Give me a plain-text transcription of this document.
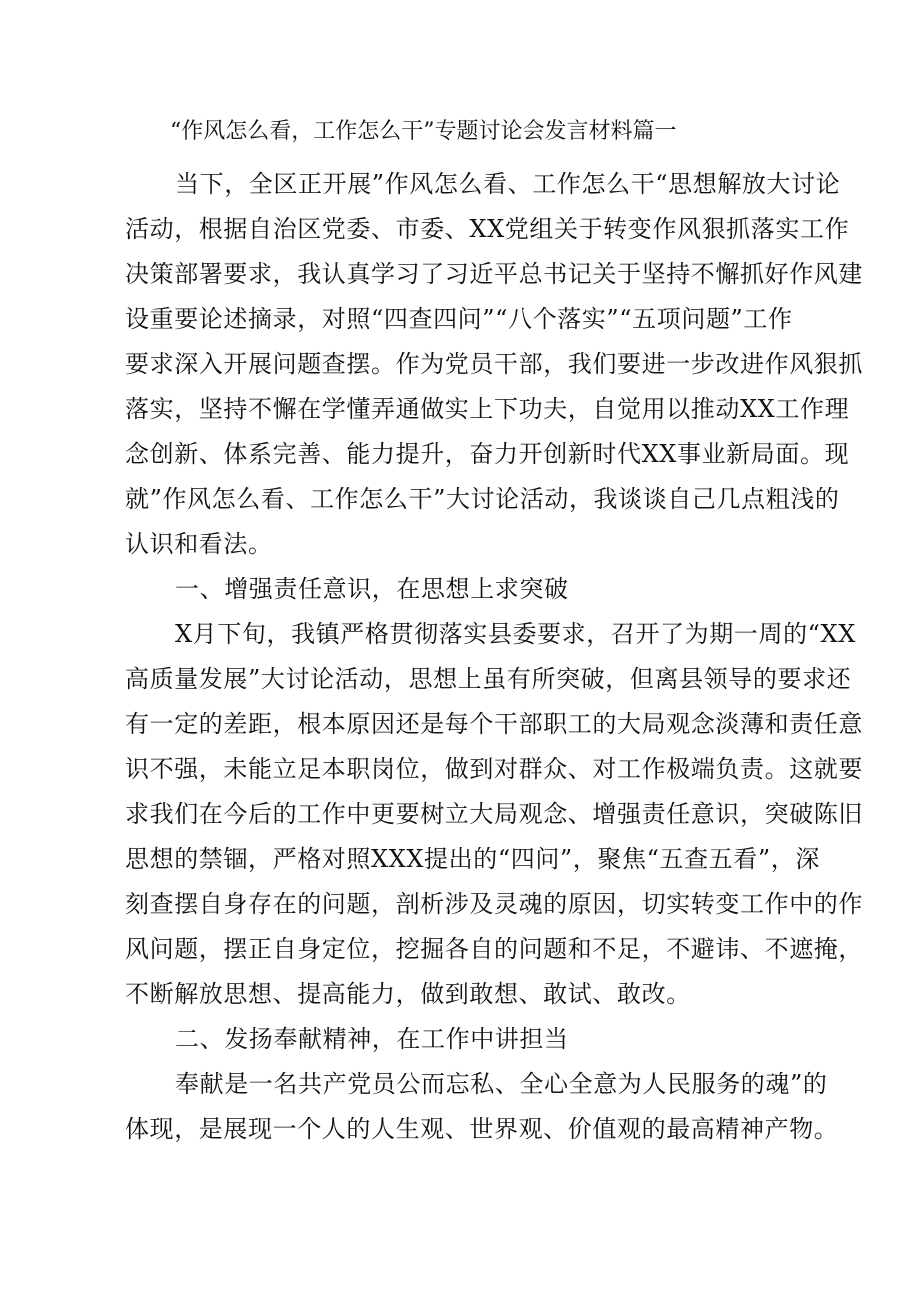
“作风怎么看，工作怎么干”专题讨论会发言材料篇一
当下，全区正开展”作风怎么看、工作怎么干“思想解放大讨论
活动，根据自治区党委、市委、XX党组关于转变作风狠抓落实工作
决策部署要求，我认真学习了习近平总书记关于坚持不懈抓好作风建
设重要论述摘录，对照“四查四问”“八个落实”“五项问题”工作
要求深入开展问题查摆。作为党员干部，我们要进一步改进作风狠抓
落实，坚持不懈在学懂弄通做实上下功夫，自觉用以推动XX工作理
念创新、体系完善、能力提升，奋力开创新时代XX事业新局面。现
就”作风怎么看、工作怎么干”大讨论活动，我谈谈自己几点粗浅的
认识和看法。
一、增强责任意识，在思想上求突破
X月下旬，我镇严格贯彻落实县委要求，召开了为期一周的“XX
高质量发展”大讨论活动，思想上虽有所突破，但离县领导的要求还
有一定的差距，根本原因还是每个干部职工的大局观念淡薄和责任意
识不强，未能立足本职岗位，做到对群众、对工作极端负责。这就要
求我们在今后的工作中更要树立大局观念、增强责任意识，突破陈旧
思想的禁锢，严格对照XXX提出的“四问”，聚焦“五查五看”，深
刻查摆自身存在的问题，剖析涉及灵魂的原因，切实转变工作中的作
风问题，摆正自身定位，挖掘各自的问题和不足，不避讳、不遮掩，
不断解放思想、提高能力，做到敢想、敢试、敢改。
二、发扬奉献精神，在工作中讲担当
奉献是一名共产党员公而忘私、全心全意为人民服务的魂”的
体现，是展现一个人的人生观、世界观、价值观的最高精神产物。
